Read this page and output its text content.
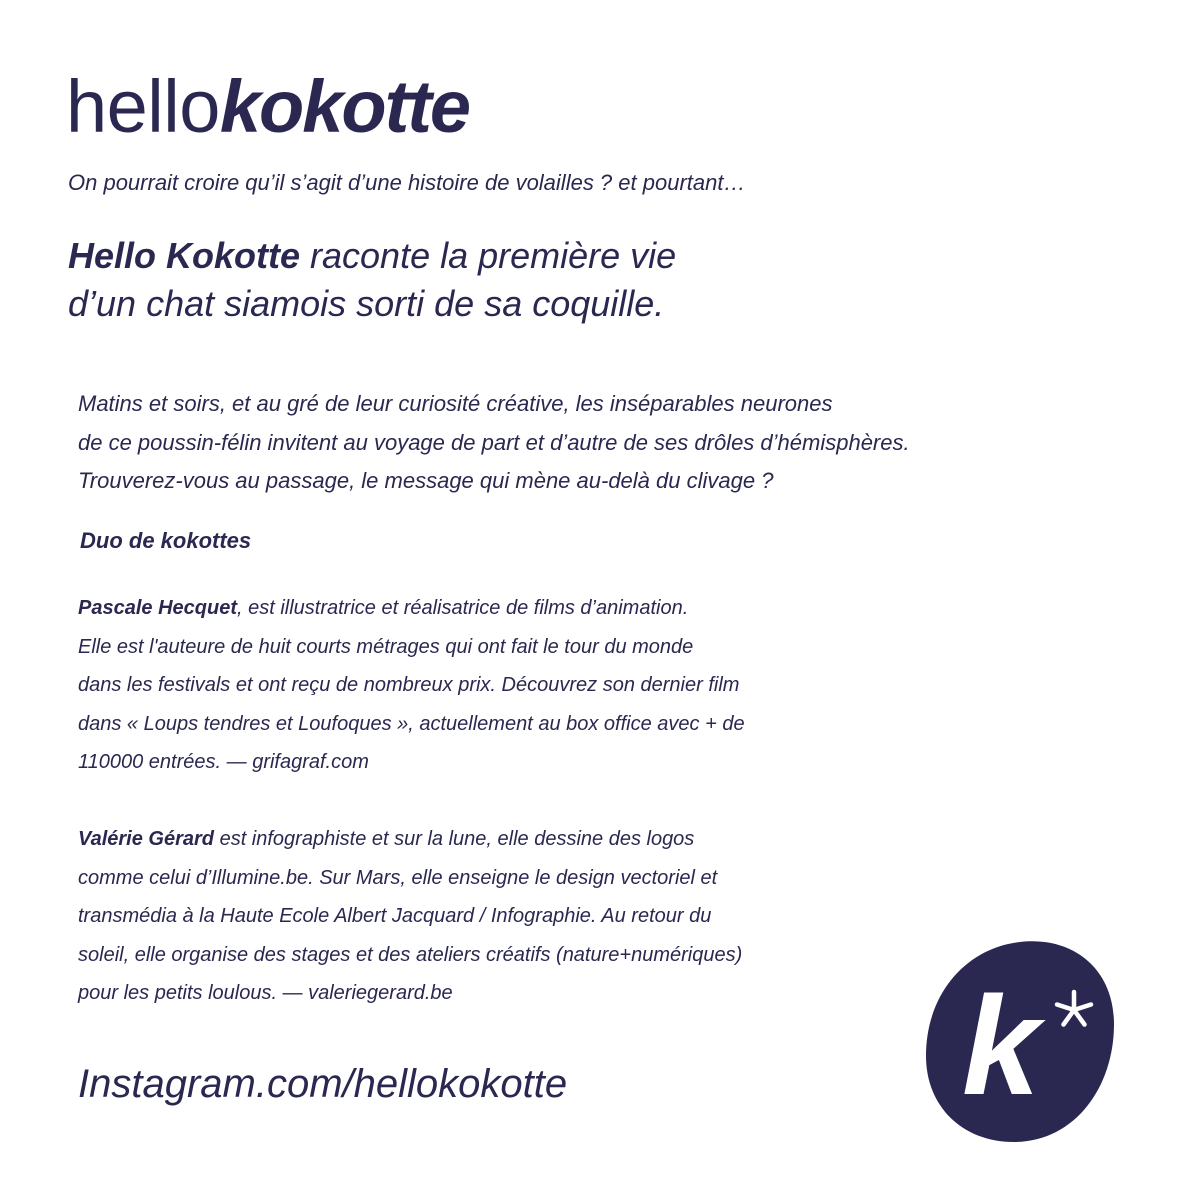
hellokokotte
On pourrait croire qu’il s’agit d’une histoire de volailles ? et pourtant…
Hello Kokotte raconte la première vie
d’un chat siamois sorti de sa coquille.
Matins et soirs, et au gré de leur curiosité créative, les inséparables neurones
de ce poussin-félin invitent au voyage de part et d’autre de ses drôles d’hémisphères.
Trouverez-vous au passage, le message qui mène au-delà du clivage ?
Duo de kokottes
Pascale Hecquet, est illustratrice et réalisatrice de films d’animation.
Elle est l'auteure de huit courts métrages qui ont fait le tour du monde
dans les festivals et ont reçu de nombreux prix. Découvrez son dernier film
dans « Loups tendres et Loufoques », actuellement au box office avec + de
110000 entrées. — grifagraf.com
Valérie Gérard est infographiste et sur la lune, elle dessine des logos
comme celui d’Illumine.be. Sur Mars, elle enseigne le design vectoriel et
transmédia à la Haute Ecole Albert Jacquard / Infographie. Au retour du
soleil, elle organise des stages et des ateliers créatifs (nature+numériques)
pour les petits loulous. — valeriegerard.be
Instagram.com/hellokokotte	k
